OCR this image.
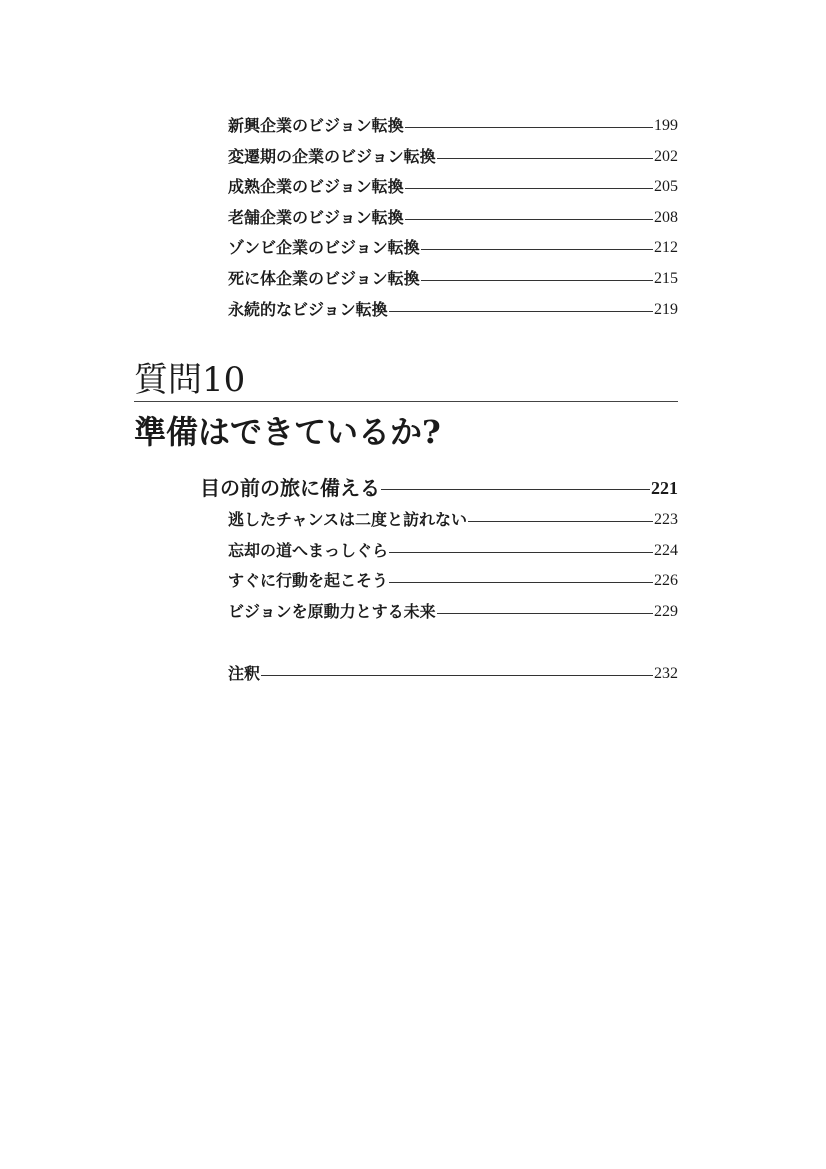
新興企業のビジョン転換	199
変遷期の企業のビジョン転換	202
成熟企業のビジョン転換	205
老舗企業のビジョン転換	208
ゾンビ企業のビジョン転換	212
死に体企業のビジョン転換	215
永続的なビジョン転換	219
質問10
準備はできているか?
目の前の旅に備える	221
逃したチャンスは二度と訪れない	223
忘却の道へまっしぐら	224
すぐに行動を起こそう	226
ビジョンを原動力とする未来	229
注釈	232
